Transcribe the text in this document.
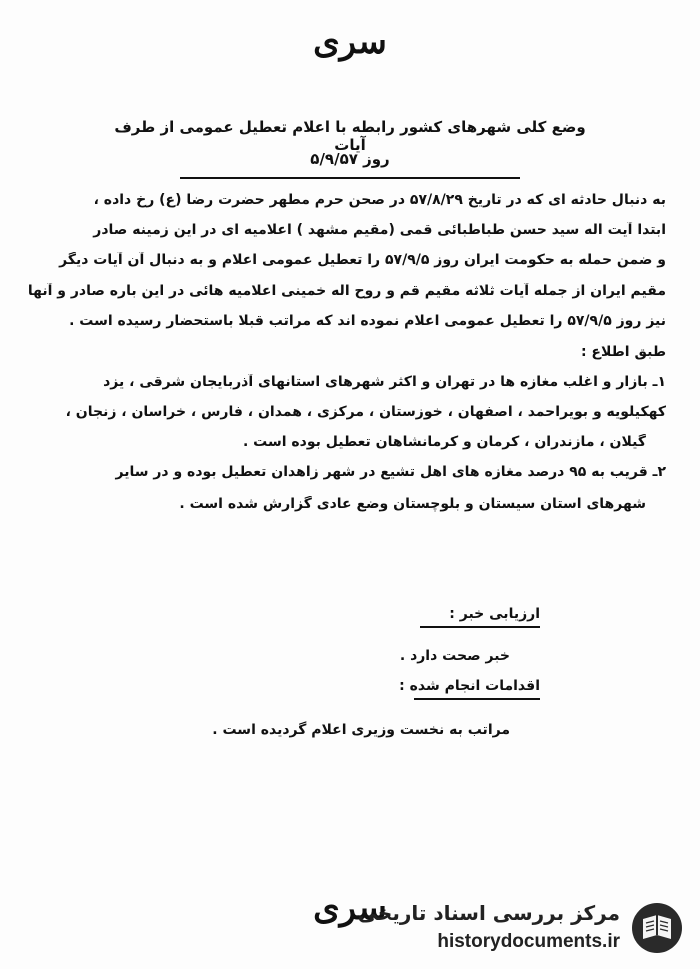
سری
وضع کلی شهرهای کشور رابطه با اعلام تعطیل عمومی از طرف آیات
روز ۵/۹/۵۷
به دنبال حادثه ای که در تاریخ ۵۷/۸/۲۹ در صحن حرم مطهر حضرت رضا (ع) رخ داده ،
ابتدا آیت اله سید حسن طباطبائی قمی (مقیم مشهد ) اعلامیه ای در این زمینه صادر
و ضمن حمله به حکومت ایران روز ۵۷/۹/۵ را تعطیل عمومی اعلام و به دنبال آن آیات دیگر
مقیم ایران از جمله آیات ثلاثه مقیم قم و روح اله خمینی اعلامیه هائی در این باره صادر و آنها
نیز روز ۵۷/۹/۵ را تعطیل عمومی اعلام نموده اند که مراتب قبلا باستحضار رسیده است .
طبق اطلاع :
۱ـ بازار و اغلب مغازه ها در تهران و اکثر شهرهای استانهای آذربایجان شرقی ، یزد
کهکیلویه و بویراحمد ، اصفهان ، خوزستان ، مرکزی ، همدان ، فارس ، خراسان ، زنجان ،
گیلان ، مازندران ، کرمان و کرمانشاهان تعطیل بوده است .
۲ـ قریب به ۹۵ درصد مغازه های اهل تشیع در شهر زاهدان تعطیل بوده و در سایر
شهرهای استان سیستان و بلوچستان وضع عادی گزارش شده است .
ارزیابی خبر :
خبر صحت دارد .
اقدامات انجام شده :
مراتب به نخست وزیری اعلام گردیده است .
سری
مرکز بررسی اسناد تاریخی
historydocuments.ir
